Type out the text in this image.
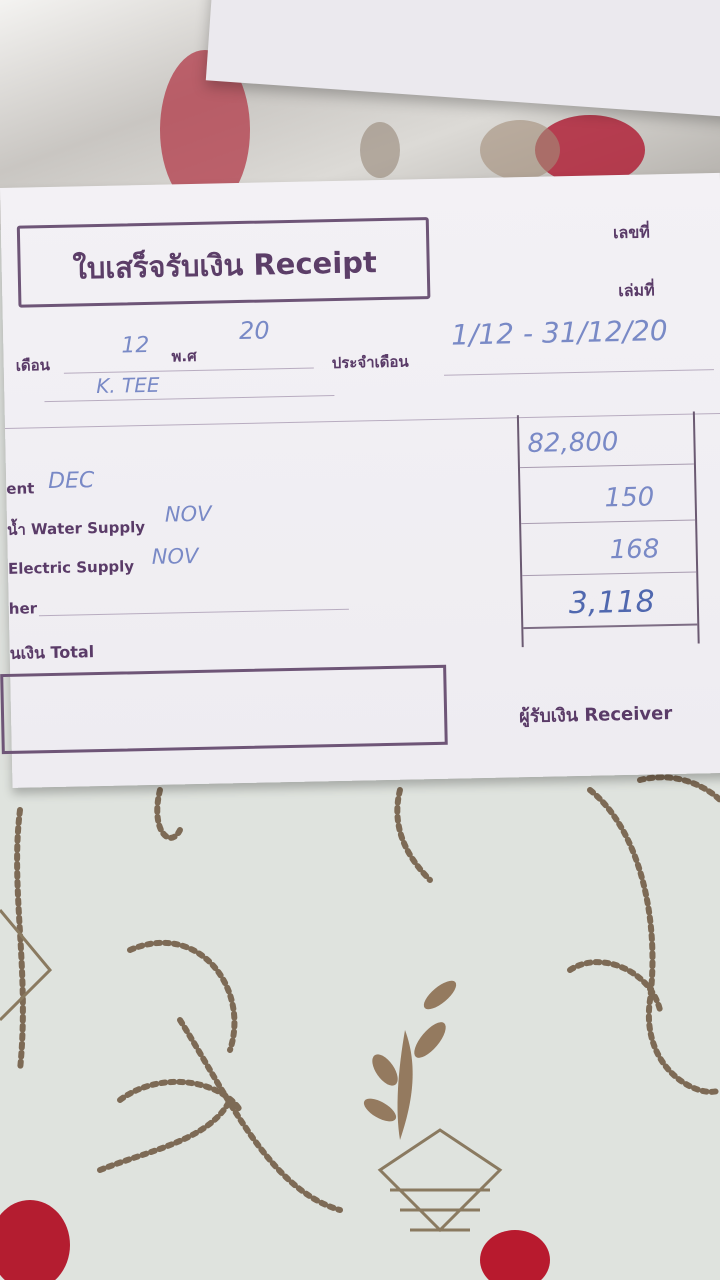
ใบเสร็จรับเงิน Receipt
เลขที่
เล่มที่
เดือน
12 พ.ศ
20
K. TEE
ประจำเดือน
1/12 - 31/12/20
ent DEC
น้ำ Water Supply
NOV
Electric Supply NOV
her
นเงิน Total
82,800
150
168
3,118
ผู้รับเงิน Receiver
